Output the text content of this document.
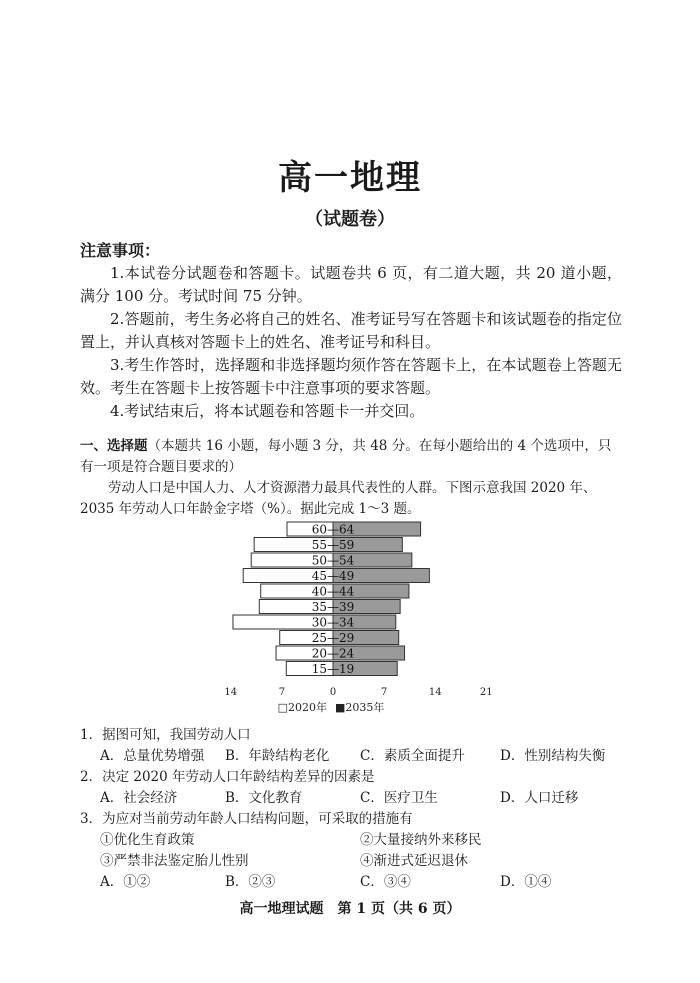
高一地理
（试题卷）
注意事项：
1.本试卷分试题卷和答题卡。试题卷共 6 页，有二道大题，共 20 道小题，满分 100 分。考试时间 75 分钟。
2.答题前，考生务必将自己的姓名、准考证号写在答题卡和该试题卷的指定位置上，并认真核对答题卡上的姓名、准考证号和科目。
3.考生作答时，选择题和非选择题均须作答在答题卡上，在本试题卷上答题无效。考生在答题卡上按答题卡中注意事项的要求答题。
4.考试结束后，将本试题卷和答题卡一并交回。
一、选择题（本题共 16 小题，每小题 3 分，共 48 分。在每小题给出的 4 个选项中，只有一项是符合题目要求的）
劳动人口是中国人力、人才资源潜力最具代表性的人群。下图示意我国 2020 年、2035 年劳动人口年龄金字塔（%）。据此完成 1～3 题。
60—64
55—59
50—54
45—49
40—44
35—39
30—34
25—29
20—24
15—19
14	7	0	7	14	21
□2020年 ■2035年
1．据图可知，我国劳动人口
A．总量优势增强 B．年龄结构老化 C．素质全面提升	D．性别结构失衡
2．决定 2020 年劳动人口年龄结构差异的因素是
A．社会经济	B．文化教育	C．医疗卫生	D．人口迁移
3．为应对当前劳动年龄人口结构问题，可采取的措施有
①优化生育政策	②大量接纳外来移民
③严禁非法鉴定胎儿性别	④渐进式延迟退休
A．①②	B．②③	C．③④	D．①④
高一地理试题　第 1 页（共 6 页）
